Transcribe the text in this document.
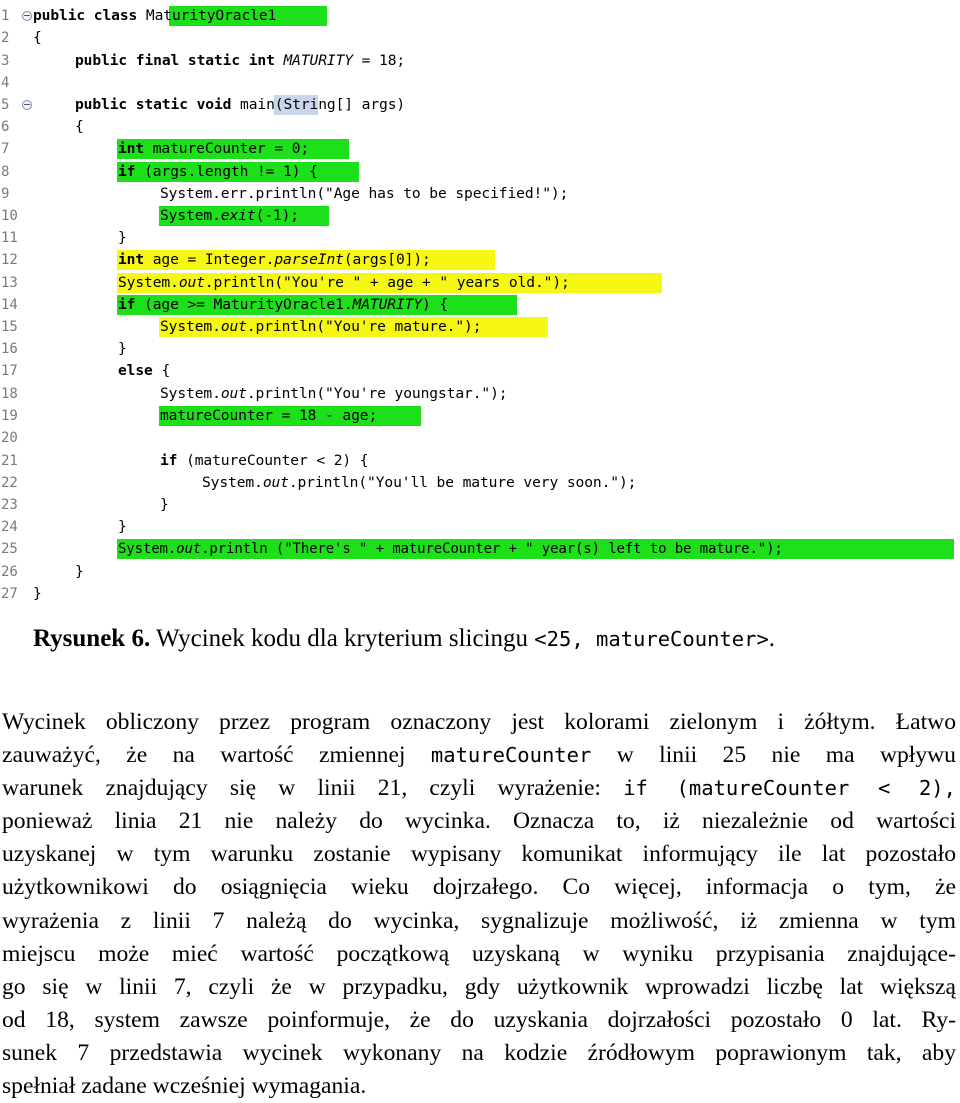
1	public class MaturityOracle1
2	{
3	public final static int MATURITY = 18;
4
5	public static void main(String[] args)
6	{
7	int matureCounter = 0;
8	if (args.length != 1) {
9	System.err.println("Age has to be specified!");
10	System.exit(-1);
11	}
12	int age = Integer.parseInt(args[0]);
13	System.out.println("You're " + age + " years old.");
14	if (age >= MaturityOracle1.MATURITY) {
15	System.out.println("You're mature.");
16	}
17	else {
18	System.out.println("You're youngstar.");
19	matureCounter = 18 - age;
20
21	if (matureCounter < 2) {
22	System.out.println("You'll be mature very soon.");
23	}
24	}
25	System.out.println ("There's " + matureCounter + " year(s) left to be mature.");
26	}
27	}
Rysunek 6. Wycinek kodu dla kryterium slicingu <25, matureCounter>.
Wycinek obliczony przez program oznaczony jest kolorami zielonym i żółtym. Łatwo
zauważyć, że na wartość zmiennej matureCounter w linii 25 nie ma wpływu
warunek znajdujący się w linii 21, czyli wyrażenie: if (matureCounter < 2),
ponieważ linia 21 nie należy do wycinka. Oznacza to, iż niezależnie od wartości
uzyskanej w tym warunku zostanie wypisany komunikat informujący ile lat pozostało
użytkownikowi do osiągnięcia wieku dojrzałego. Co więcej, informacja o tym, że
wyrażenia z linii 7 należą do wycinka, sygnalizuje możliwość, iż zmienna w tym
miejscu może mieć wartość początkową uzyskaną w wyniku przypisania znajdujące-
go się w linii 7, czyli że w przypadku, gdy użytkownik wprowadzi liczbę lat większą
od 18, system zawsze poinformuje, że do uzyskania dojrzałości pozostało 0 lat. Ry-
sunek 7 przedstawia wycinek wykonany na kodzie źródłowym poprawionym tak, aby
spełniał zadane wcześniej wymagania.
